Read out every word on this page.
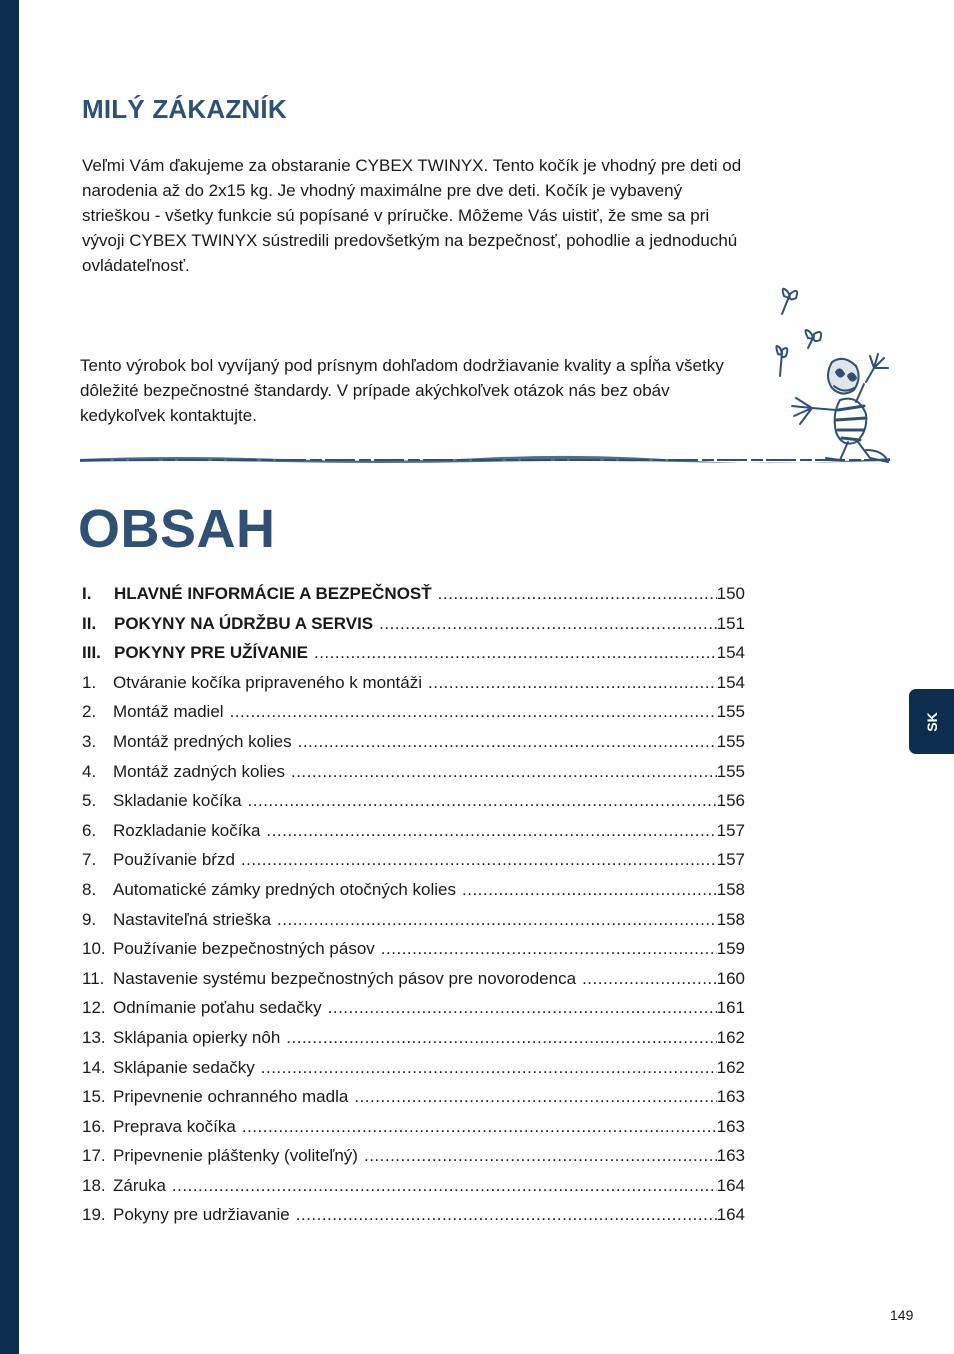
MILÝ ZÁKAZNÍK

Veľmi Vám ďakujeme za obstaranie CYBEX TWINYX. Tento kočík je vhodný pre deti od narodenia až do 2x15 kg. Je vhodný maximálne pre dve deti. Kočík je vybavený strieškou - všetky funkcie sú popísané v príručke. Môžeme Vás uistiť, že sme sa pri vývoji CYBEX TWINYX sústredili predovšetkým na bezpečnosť, pohodlie a jednoduchú ovládateľnosť.

Tento výrobok bol vyvíjaný pod prísnym dohľadom dodržiavanie kvality a spĺňa všetky dôležité bezpečnostné štandardy. V prípade akýchkoľvek otázok nás bez obáv kedykoľvek kontaktujte.

OBSAH
I.	HLAVNÉ INFORMÁCIE A BEZPEČNOSŤ .....	150
II.	POKYNY NA ÚDRŽBU A SERVIS .....	151
III. POKYNY PRE UŽÍVANIE .....	154
1. Otváranie kočíka pripraveného k montáži .....	154
2. Montáž madiel .....	155
3. Montáž predných kolies .....	155
4. Montáž zadných kolies .....	155
5. Skladanie kočíka .....	156
6. Rozkladanie kočíka .....	157
7. Používanie bŕzd .....	157
8. Automatické zámky predných otočných kolies .....	158
9. Nastaviteľná strieška .....	158
10. Používanie bezpečnostných pásov .....	159
11. Nastavenie systému bezpečnostných pásov pre novorodenca .....	160
12. Odnímanie poťahu sedačky .....	161
13. Sklápania opierky nôh .....	162
14. Sklápanie sedačky .....	162
15. Pripevnenie ochranného madla .....	163
16. Preprava kočíka .....	163
17. Pripevnenie pláštenky (voliteľný) .....	163
18. Záruka .....	164
19. Pokyny pre udržiavanie .....	164
SK
149
